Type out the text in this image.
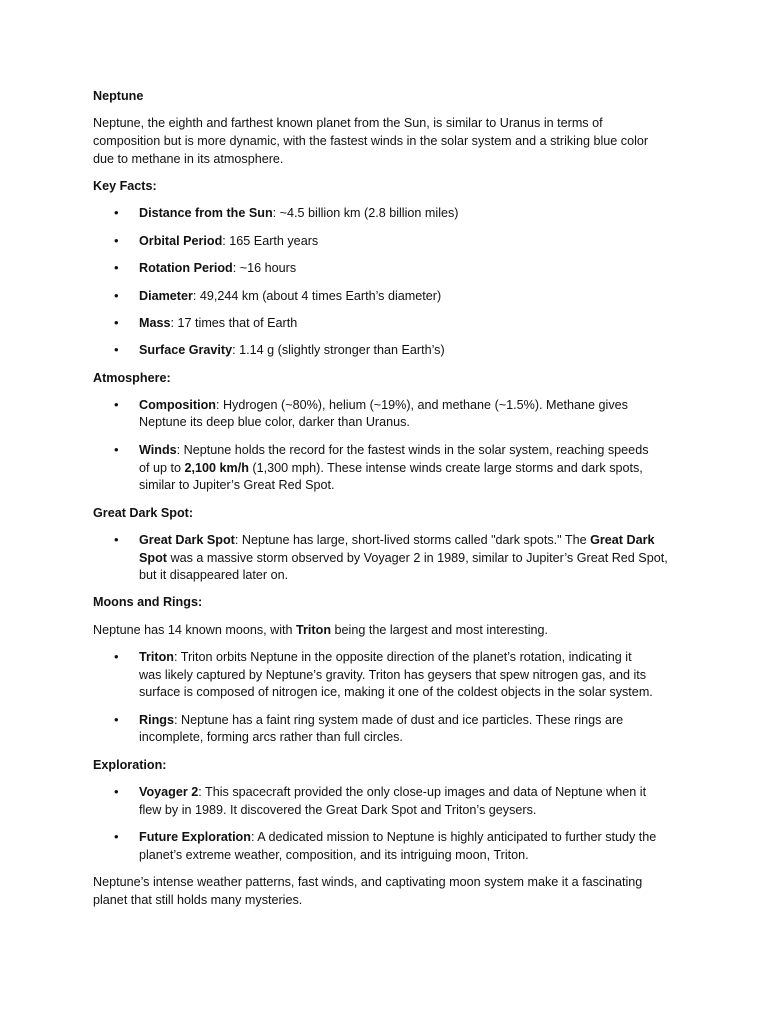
Neptune
Neptune, the eighth and farthest known planet from the Sun, is similar to Uranus in terms of
composition but is more dynamic, with the fastest winds in the solar system and a striking blue color
due to methane in its atmosphere.
Key Facts:
• Distance from the Sun: ~4.5 billion km (2.8 billion miles)
• Orbital Period: 165 Earth years
• Rotation Period: ~16 hours
• Diameter: 49,244 km (about 4 times Earth’s diameter)
• Mass: 17 times that of Earth
• Surface Gravity: 1.14 g (slightly stronger than Earth’s)
Atmosphere:
• Composition: Hydrogen (~80%), helium (~19%), and methane (~1.5%). Methane gives
Neptune its deep blue color, darker than Uranus.
• Winds: Neptune holds the record for the fastest winds in the solar system, reaching speeds
of up to 2,100 km/h (1,300 mph). These intense winds create large storms and dark spots,
similar to Jupiter’s Great Red Spot.
Great Dark Spot:
• Great Dark Spot: Neptune has large, short-lived storms called "dark spots." The Great Dark
Spot was a massive storm observed by Voyager 2 in 1989, similar to Jupiter’s Great Red Spot,
but it disappeared later on.
Moons and Rings:
Neptune has 14 known moons, with Triton being the largest and most interesting.
• Triton: Triton orbits Neptune in the opposite direction of the planet’s rotation, indicating it
was likely captured by Neptune’s gravity. Triton has geysers that spew nitrogen gas, and its
surface is composed of nitrogen ice, making it one of the coldest objects in the solar system.
• Rings: Neptune has a faint ring system made of dust and ice particles. These rings are
incomplete, forming arcs rather than full circles.
Exploration:
• Voyager 2: This spacecraft provided the only close-up images and data of Neptune when it
flew by in 1989. It discovered the Great Dark Spot and Triton’s geysers.
• Future Exploration: A dedicated mission to Neptune is highly anticipated to further study the
planet’s extreme weather, composition, and its intriguing moon, Triton.
Neptune’s intense weather patterns, fast winds, and captivating moon system make it a fascinating
planet that still holds many mysteries.
